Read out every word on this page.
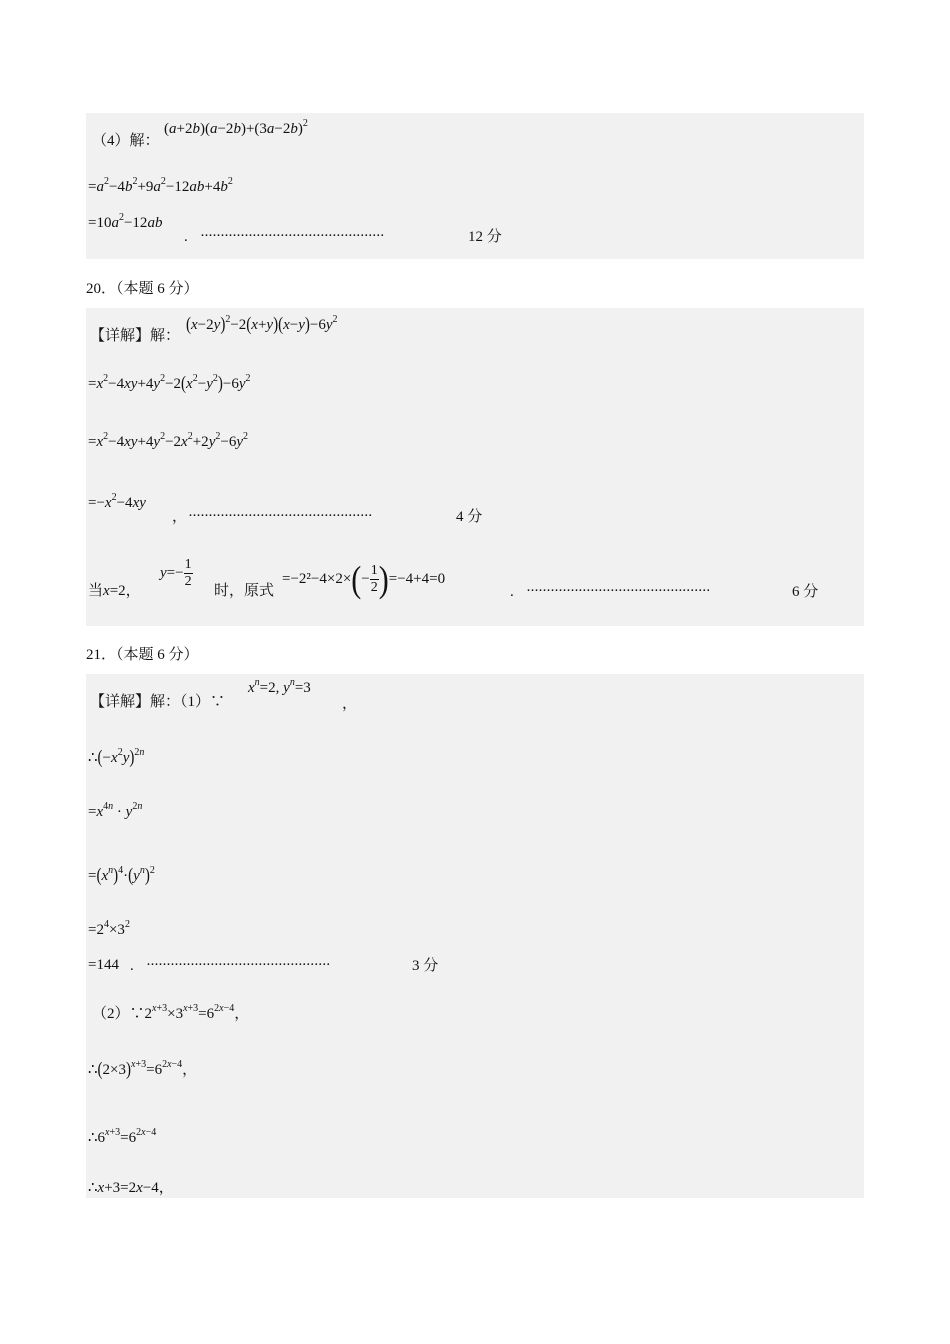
（4）解：
$(a+2b)(a-2b)+(3a-2b)^2$
$=a^2-4b^2+9a^2-12ab+4b^2$
$=10a^2-12ab$
. ··············································	12 分
20．（本题 6 分）
【详解】解：
$(x-2y)^2-2(x+y)(x-y)-6y^2$
$=x^2-4xy+4y^2-2(x^2-y^2)-6y^2$
$=x^2-4xy+4y^2-2x^2+2y^2-6y^2$
$=-x^2-4xy$
， ··············································	4 分
当x=2，
$y=- \frac{1}{2}$
时，原式
$=-2^2-4\times 2\times(- \frac{1}{2} )=-4+4=0$
. ··············································	6 分
21．（本题 6 分）
【详解】解：（1）∵
$x^n=2$, $y^n=3$
，
$\therefore(-x^2y)^{2n}$
$=x^{4n} \cdot y^{2n}$
$=(x^n)^4\cdot(y^n)^2$
$=2^4\times 3^2$
=144 . ··············································	3 分
$(2)\because 2^{x+3}\times 3^{x+3}=6^{2x-4}$，
$\therefore(2\times 3)^{x+3}=6^{2x-4}$，
$\therefore 6^{x+3}=6^{2x-4}$
∴x+3=2x−4，
